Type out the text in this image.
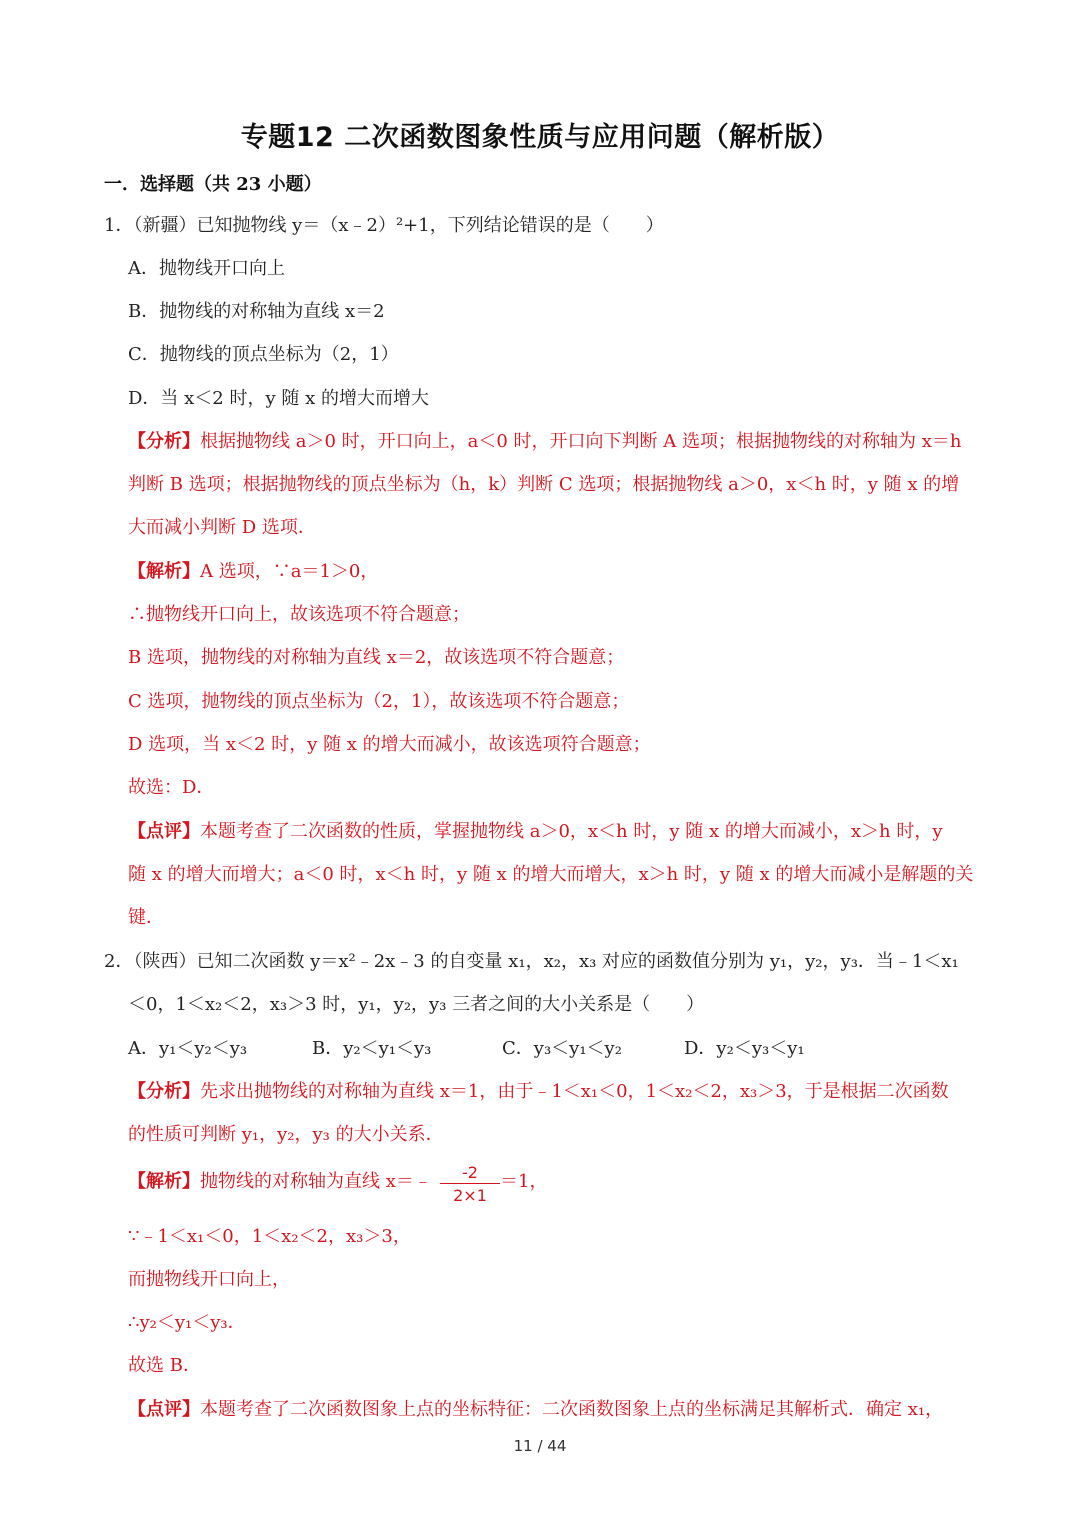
专题12 二次函数图象性质与应用问题（解析版）
一．选择题（共 23 小题）
1．（新疆）已知抛物线 y＝（x﹣2）²+1，下列结论错误的是（　　）
A．抛物线开口向上
B．抛物线的对称轴为直线 x＝2
C．抛物线的顶点坐标为（2，1）
D．当 x＜2 时，y 随 x 的增大而增大
【分析】根据抛物线 a＞0 时，开口向上，a＜0 时，开口向下判断 A 选项；根据抛物线的对称轴为 x＝h
判断 B 选项；根据抛物线的顶点坐标为（h，k）判断 C 选项；根据抛物线 a＞0，x＜h 时，y 随 x 的增
大而减小判断 D 选项．
【解析】A 选项，∵a＝1＞0，
∴抛物线开口向上，故该选项不符合题意；
B 选项，抛物线的对称轴为直线 x＝2，故该选项不符合题意；
C 选项，抛物线的顶点坐标为（2，1），故该选项不符合题意；
D 选项，当 x＜2 时，y 随 x 的增大而减小，故该选项符合题意；
故选：D．
【点评】本题考查了二次函数的性质，掌握抛物线 a＞0，x＜h 时，y 随 x 的增大而减小，x＞h 时，y
随 x 的增大而增大；a＜0 时，x＜h 时，y 随 x 的增大而增大，x＞h 时，y 随 x 的增大而减小是解题的关
键．
2．（陕西）已知二次函数 y＝x²﹣2x﹣3 的自变量 x₁，x₂，x₃ 对应的函数值分别为 y₁，y₂，y₃．当﹣1＜x₁
＜0，1＜x₂＜2，x₃＞3 时，y₁，y₂，y₃ 三者之间的大小关系是（　　）
A．y₁＜y₂＜y₃	B．y₂＜y₁＜y₃	C．y₃＜y₁＜y₂	D．y₂＜y₃＜y₁
【分析】先求出抛物线的对称轴为直线 x＝1，由于﹣1＜x₁＜0，1＜x₂＜2，x₃＞3，于是根据二次函数
的性质可判断 y₁，y₂，y₃ 的大小关系．
【解析】抛物线的对称轴为直线 x＝﹣ $\frac{-2}{2\times 1} =1$，
∵﹣1＜x₁＜0，1＜x₂＜2，x₃＞3，
而抛物线开口向上，
∴y₂＜y₁＜y₃．
故选 B．
【点评】本题考查了二次函数图象上点的坐标特征：二次函数图象上点的坐标满足其解析式．确定 x₁，
11 / 44
